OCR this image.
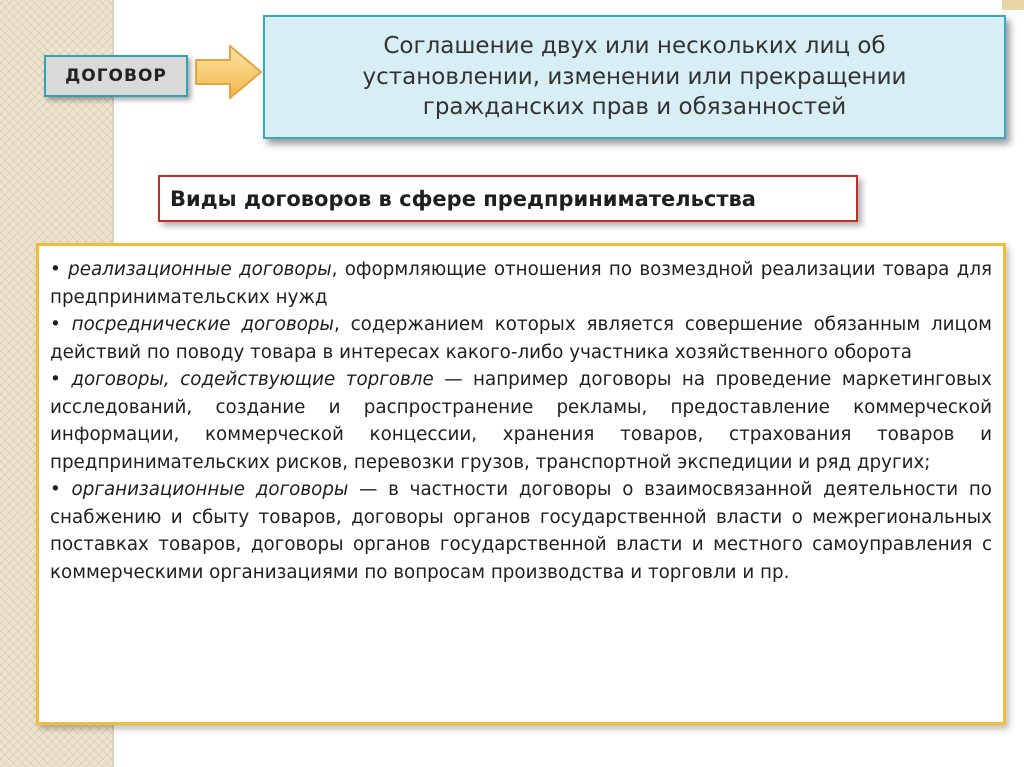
ДОГОВОР
Соглашение двух или нескольких лиц об установлении, изменении или прекращении гражданских прав и обязанностей
Виды договоров в сфере предпринимательства

• реализационные договоры, оформляющие отношения по возмездной реализации товара для предпринимательских нужд

• посреднические договоры, содержанием которых является совершение обязанным лицом действий по поводу товара в интересах какого-либо участника хозяйственного оборота

• договоры, содействующие торговле — например договоры на проведение маркетинговых исследований, создание и распространение рекламы, предоставление коммерческой информации, коммерческой концессии, хранения товаров, страхования товаров и предпринимательских рисков, перевозки грузов, транспортной экспедиции и ряд других;

• организационные договоры — в частности договоры о взаимосвязанной деятельности по снабжению и сбыту товаров, договоры органов государственной власти о межрегиональных поставках товаров, договоры органов государственной власти и местного самоуправления с коммерческими организациями по вопросам производства и торговли и пр.
